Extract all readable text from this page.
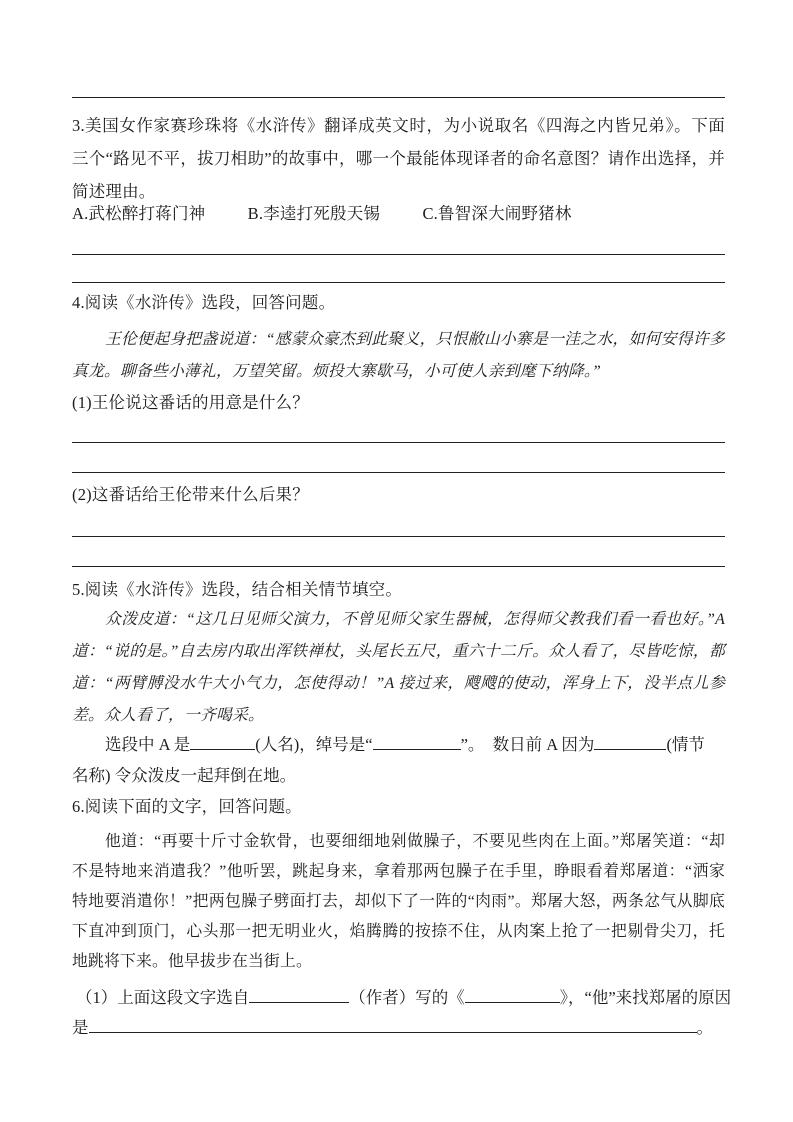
3.美国女作家赛珍珠将《水浒传》翻译成英文时，为小说取名《四海之内皆兄弟》。下面三个“路见不平，拔刀相助”的故事中，哪一个最能体现译者的命名意图？请作出选择，并简述理由。
A.武松醉打蒋门神	B.李逵打死殷天锡	C.鲁智深大闹野猪林
4.阅读《水浒传》选段，回答问题。
王伦便起身把盏说道：“感蒙众豪杰到此聚义，只恨敝山小寨是一洼之水，如何安得许多真龙。聊备些小薄礼，万望笑留。烦投大寨歇马，小可使人亲到麾下纳降。”
(1)王伦说这番话的用意是什么？
(2)这番话给王伦带来什么后果？
5.阅读《水浒传》选段，结合相关情节填空。
众泼皮道：“这几日见师父演力，不曾见师父家生器械，怎得师父教我们看一看也好。”A 道：“说的是。”自去房内取出浑铁禅杖，头尾长五尺，重六十二斤。众人看了，尽皆吃惊，都道：“两臂膊没水牛大小气力，怎使得动！”A 接过来，飕飕的使动，浑身上下，没半点儿参差。众人看了，一齐喝采。
选段中 A 是	(人名)，绰号是“	”。　数日前 A 因为	(情节
名称) 令众泼皮一起拜倒在地。
6.阅读下面的文字，回答问题。
他道：“再要十斤寸金软骨，也要细细地剁做臊子，不要见些肉在上面。”郑屠笑道：“却不是特地来消遣我？”他听罢，跳起身来，拿着那两包臊子在手里，睁眼看着郑屠道：“洒家特地要消遣你！”把两包臊子劈面打去，却似下了一阵的“肉雨”。郑屠大怒，两条忿气从脚底下直冲到顶门，心头那一把无明业火，焰腾腾的按捺不住，从肉案上抢了一把剔骨尖刀，托地跳将下来。他早拔步在当街上。
（1）上面这段文字选自	（作者）写的《	》，“他”来找郑屠的原因
是	。
